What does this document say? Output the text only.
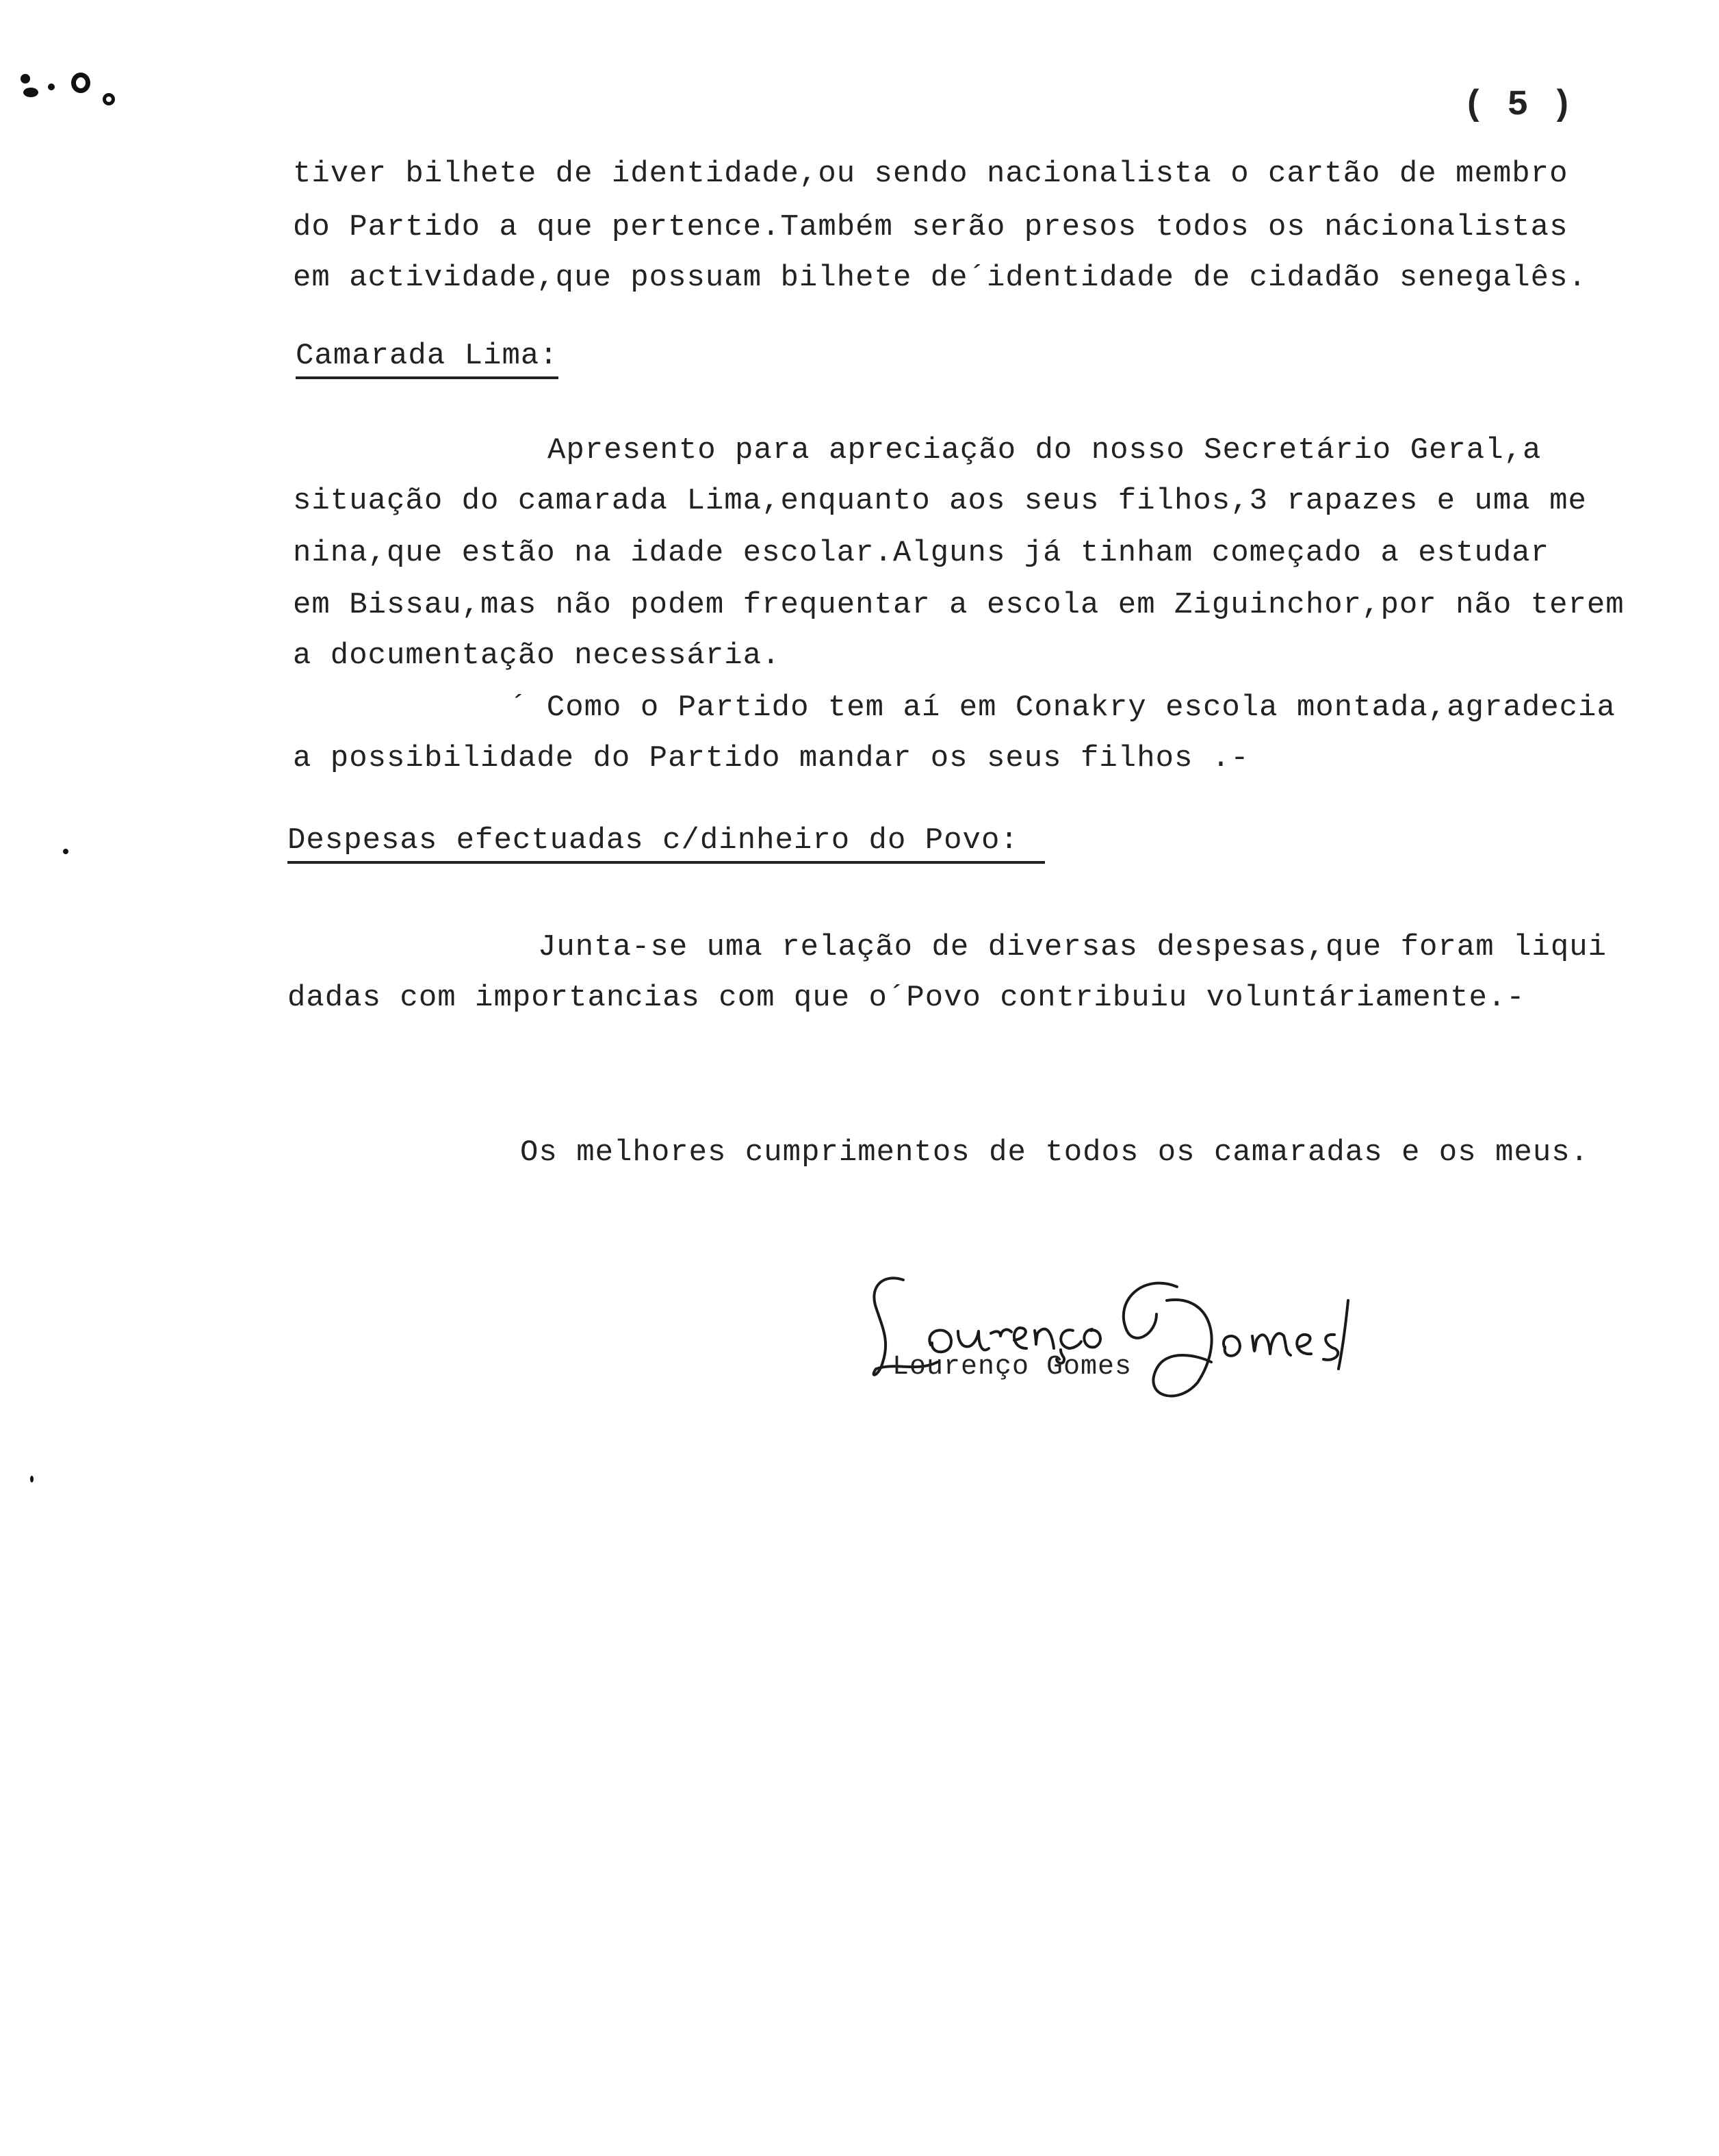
( 5 )
tiver bilhete de identidade,ou sendo nacionalista o cartão de membro
do Partido a que pertence.Também serão presos todos os nácionalistas
em actividade,que possuam bilhete de´identidade de cidadão senegalês.
Camarada Lima:
Apresento para apreciação do nosso Secretário Geral,a
situação do camarada Lima,enquanto aos seus filhos,3 rapazes e uma me
nina,que estão na idade escolar.Alguns já tinham começado a estudar
em Bissau,mas não podem frequentar a escola em Ziguinchor,por não terem
a documentação necessária.
´ Como o Partido tem aí em Conakry escola montada,agradecia
a possibilidade do Partido mandar os seus filhos .-
Despesas efectuadas c/dinheiro do Povo:
Junta-se uma relação de diversas despesas,que foram liqui
dadas com importancias com que o´Povo contribuiu voluntáriamente.-
Os melhores cumprimentos de todos os camaradas e os meus.
Lourenço Gomes
